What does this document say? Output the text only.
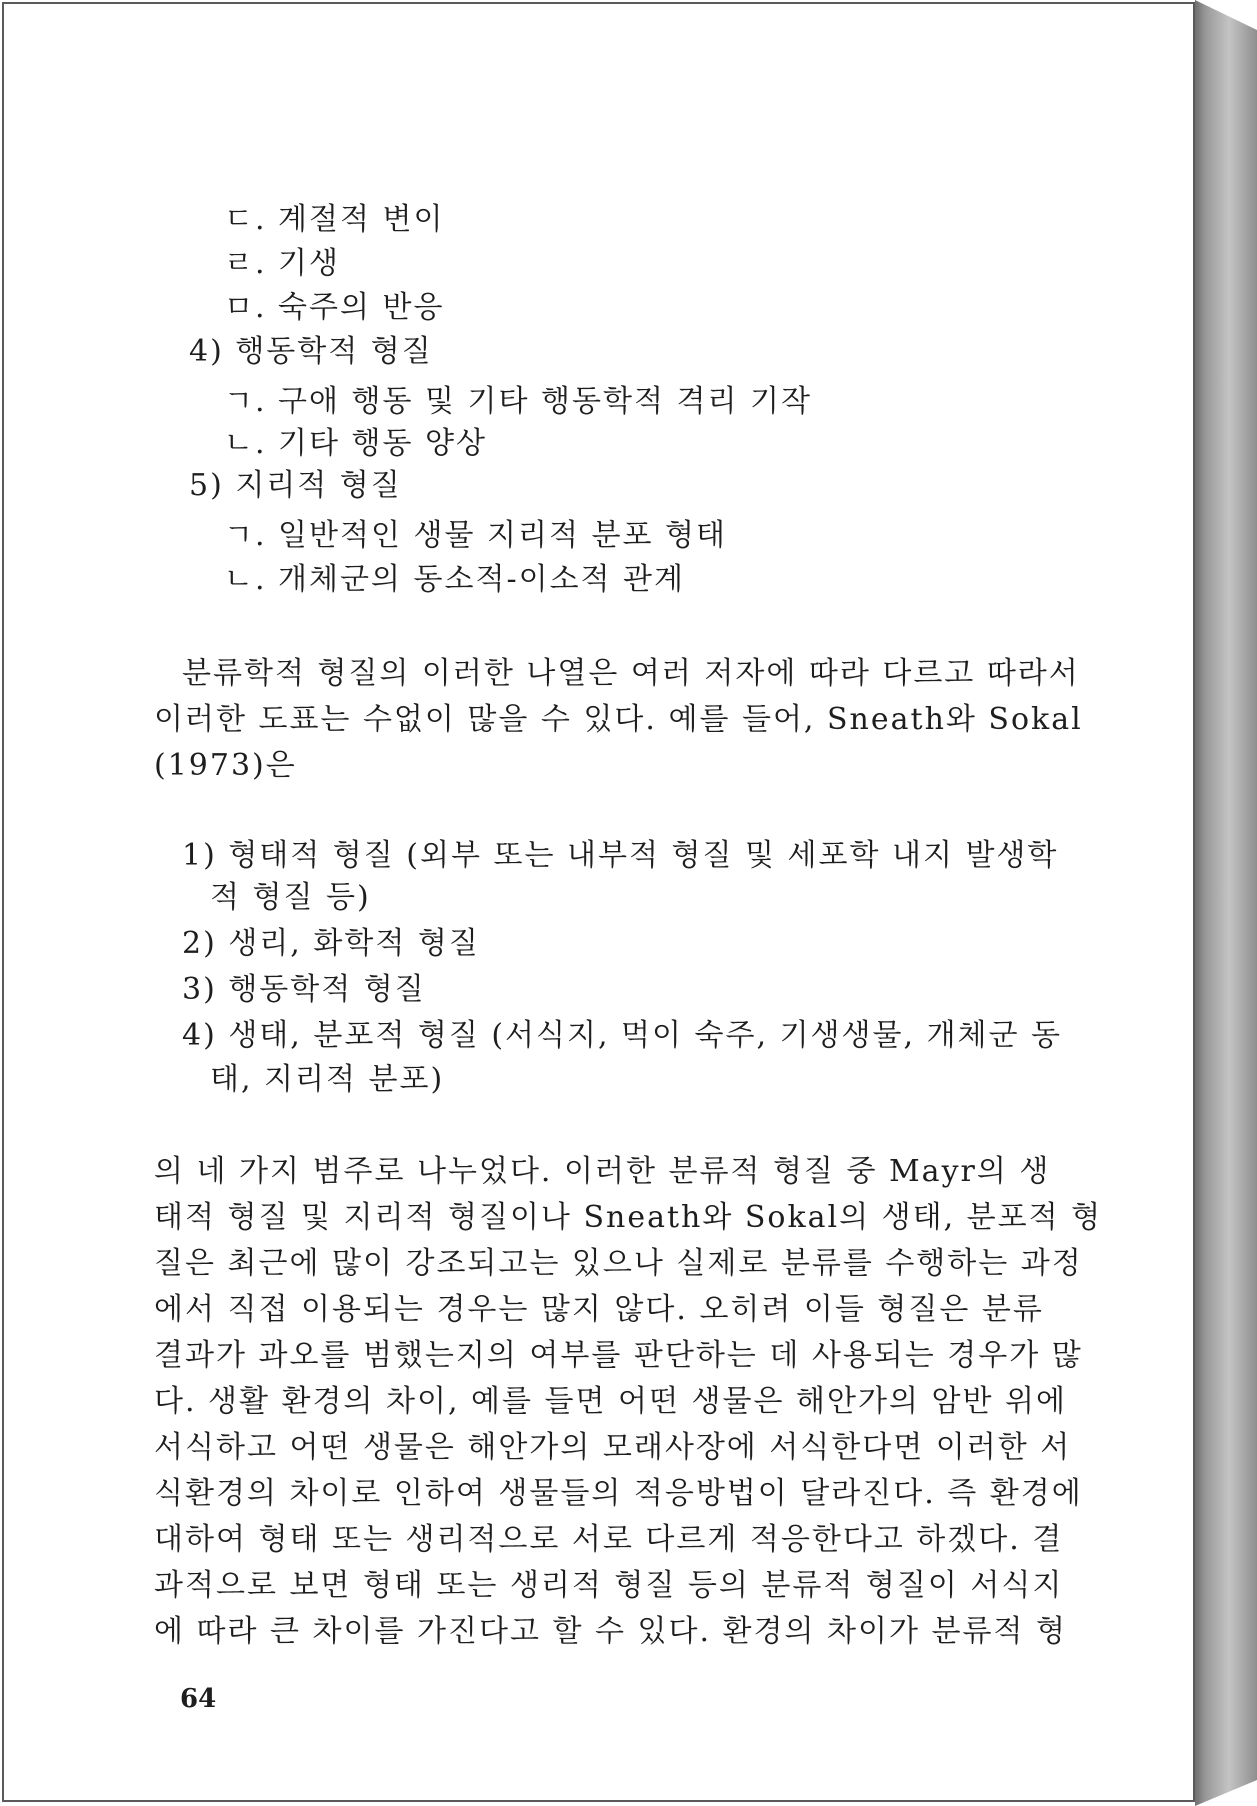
ㄷ. 계절적 변이
ㄹ. 기생
ㅁ. 숙주의 반응
4) 행동학적 형질
ㄱ. 구애 행동 및 기타 행동학적 격리 기작
ㄴ. 기타 행동 양상
5) 지리적 형질
ㄱ. 일반적인 생물 지리적 분포 형태
ㄴ. 개체군의 동소적-이소적 관계
분류학적 형질의 이러한 나열은 여러 저자에 따라 다르고 따라서
이러한 도표는 수없이 많을 수 있다. 예를 들어, Sneath와 Sokal
(1973)은
1) 형태적 형질 (외부 또는 내부적 형질 및 세포학 내지 발생학
적 형질 등)
2) 생리, 화학적 형질
3) 행동학적 형질
4) 생태, 분포적 형질 (서식지, 먹이 숙주, 기생생물, 개체군 동
태, 지리적 분포)
의 네 가지 범주로 나누었다. 이러한 분류적 형질 중 Mayr의 생
태적 형질 및 지리적 형질이나 Sneath와 Sokal의 생태, 분포적 형
질은 최근에 많이 강조되고는 있으나 실제로 분류를 수행하는 과정
에서 직접 이용되는 경우는 많지 않다. 오히려 이들 형질은 분류
결과가 과오를 범했는지의 여부를 판단하는 데 사용되는 경우가 많
다. 생활 환경의 차이, 예를 들면 어떤 생물은 해안가의 암반 위에
서식하고 어떤 생물은 해안가의 모래사장에 서식한다면 이러한 서
식환경의 차이로 인하여 생물들의 적응방법이 달라진다. 즉 환경에
대하여 형태 또는 생리적으로 서로 다르게 적응한다고 하겠다. 결
과적으로 보면 형태 또는 생리적 형질 등의 분류적 형질이 서식지
에 따라 큰 차이를 가진다고 할 수 있다. 환경의 차이가 분류적 형
64
